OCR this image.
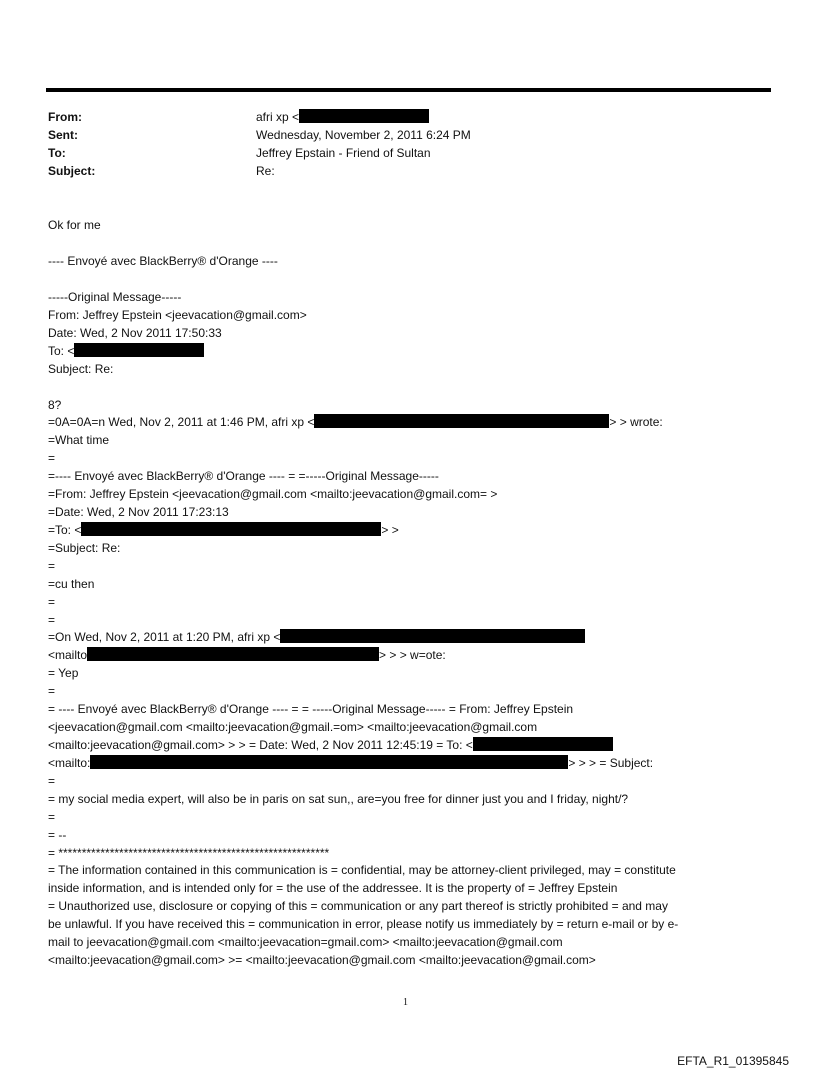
From:	afri xp <
Sent:	Wednesday, November 2, 2011 6:24 PM
To:	Jeffrey Epstain - Friend of Sultan
Subject:	Re:
Ok for me
---- Envoyé avec BlackBerry® d'Orange ----
-----Original Message-----
From: Jeffrey Epstein <jeevacation@gmail.com>
Date: Wed, 2 Nov 2011 17:50:33
To: <
Subject: Re:
8?
=0A=0A=n Wed, Nov 2, 2011 at 1:46 PM, afri xp <	> > wrote:
=What time
=
=---- Envoyé avec BlackBerry® d'Orange ---- = =-----Original Message-----
=From: Jeffrey Epstein <jeevacation@gmail.com <mailto:jeevacation@gmail.com= >
=Date: Wed, 2 Nov 2011 17:23:13
=To: <	> >
=Subject: Re:
=
=cu then
=
=
=On Wed, Nov 2, 2011 at 1:20 PM, afri xp <
<mailto	> > > w=ote:
= Yep
=
= ---- Envoyé avec BlackBerry® d'Orange ---- = = -----Original Message----- = From: Jeffrey Epstein
<jeevacation@gmail.com <mailto:jeevacation@gmail.=om> <mailto:jeevacation@gmail.com
<mailto:jeevacation@gmail.com> > > = Date: Wed, 2 Nov 2011 12:45:19 = To: <
<mailto:	> > > = Subject:
=
= my social media expert, will also be in paris on sat sun,, are=you free for dinner just you and I friday, night/?
=
= --
= **********************************************************
= The information contained in this communication is = confidential, may be attorney-client privileged, may = constitute
inside information, and is intended only for = the use of the addressee. It is the property of = Jeffrey Epstein
= Unauthorized use, disclosure or copying of this = communication or any part thereof is strictly prohibited = and may
be unlawful. If you have received this = communication in error, please notify us immediately by = return e-mail or by e-
mail to jeevacation@gmail.com <mailto:jeevacation=gmail.com> <mailto:jeevacation@gmail.com
<mailto:jeevacation@gmail.com> >= <mailto:jeevacation@gmail.com <mailto:jeevacation@gmail.com>
1
EFTA_R1_01395845
